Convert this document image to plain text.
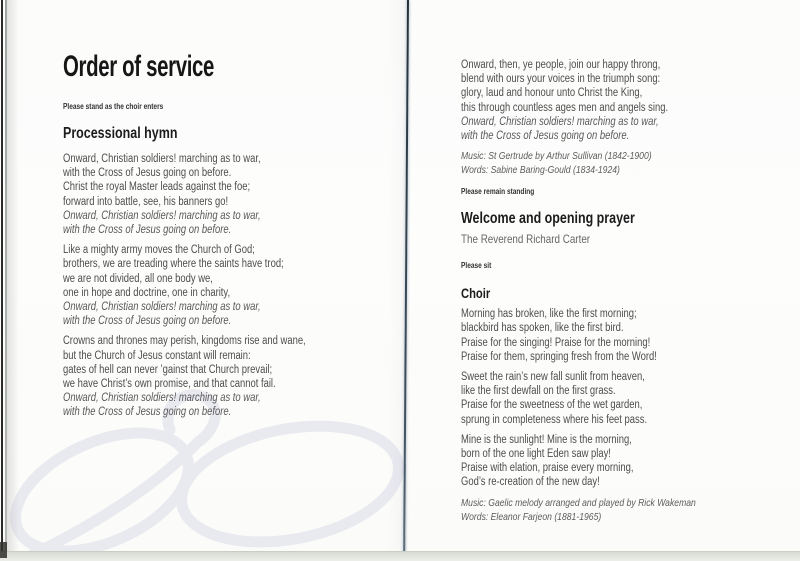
Order of service
Please stand as the choir enters
Processional hymn
Onward, Christian soldiers! marching as to war,
with the Cross of Jesus going on before.
Christ the royal Master leads against the foe;
forward into battle, see, his banners go!
Onward, Christian soldiers! marching as to war,
with the Cross of Jesus going on before.
Like a mighty army moves the Church of God;
brothers, we are treading where the saints have trod;
we are not divided, all one body we,
one in hope and doctrine, one in charity,
Onward, Christian soldiers! marching as to war,
with the Cross of Jesus going on before.
Crowns and thrones may perish, kingdoms rise and wane,
but the Church of Jesus constant will remain:
gates of hell can never ’gainst that Church prevail;
we have Christ’s own promise, and that cannot fail.
Onward, Christian soldiers! marching as to war,
with the Cross of Jesus going on before.
Onward, then, ye people, join our happy throng,
blend with ours your voices in the triumph song:
glory, laud and honour unto Christ the King,
this through countless ages men and angels sing.
Onward, Christian soldiers! marching as to war,
with the Cross of Jesus going on before.
Music: St Gertrude by Arthur Sullivan (1842-1900)
Words: Sabine Baring-Gould (1834-1924)
Please remain standing
Welcome and opening prayer
The Reverend Richard Carter
Please sit
Choir
Morning has broken, like the first morning;
blackbird has spoken, like the first bird.
Praise for the singing! Praise for the morning!
Praise for them, springing fresh from the Word!
Sweet the rain’s new fall sunlit from heaven,
like the first dewfall on the first grass.
Praise for the sweetness of the wet garden,
sprung in completeness where his feet pass.
Mine is the sunlight! Mine is the morning,
born of the one light Eden saw play!
Praise with elation, praise every morning,
God’s re-creation of the new day!
Music: Gaelic melody arranged and played by Rick Wakeman
Words: Eleanor Farjeon (1881-1965)
